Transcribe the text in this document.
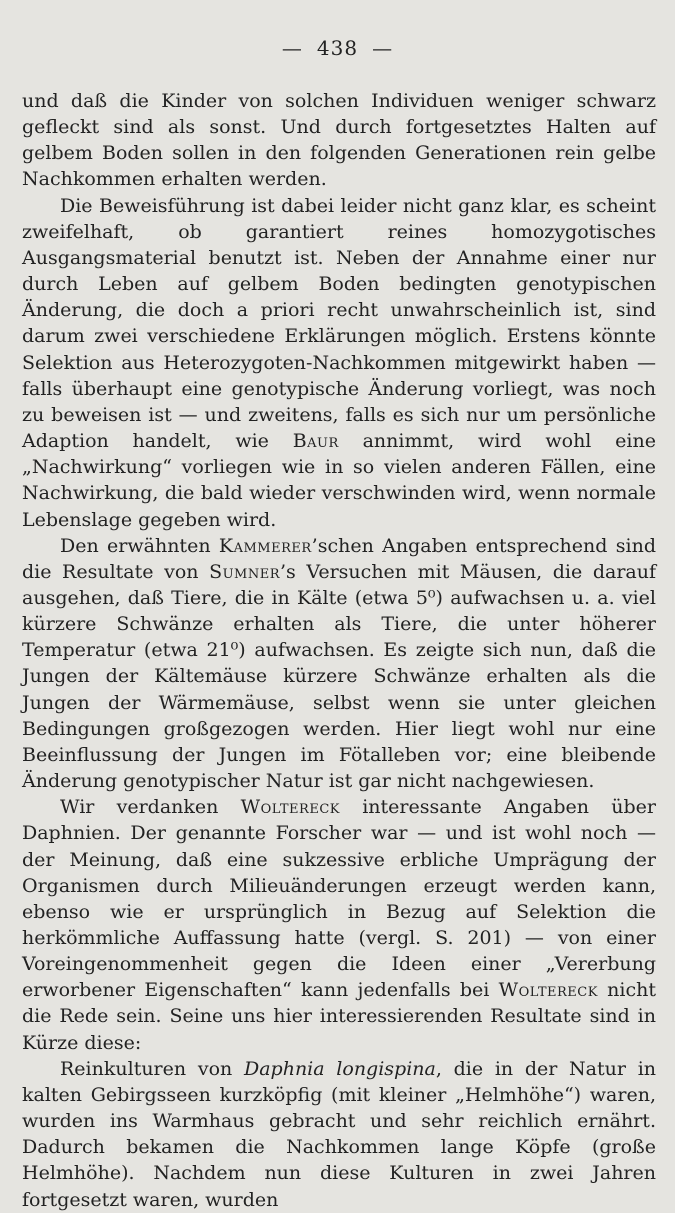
— 438 —

und daß die Kinder von solchen Individuen weniger schwarz gefleckt sind als sonst. Und durch fortgesetztes Halten auf gelbem Boden sollen in den folgenden Generationen rein gelbe Nachkommen erhalten werden.

Die Beweisführung ist dabei leider nicht ganz klar, es scheint zweifelhaft, ob garantiert reines homozygotisches Ausgangsmaterial benutzt ist. Neben der Annahme einer nur durch Leben auf gelbem Boden bedingten genotypischen Änderung, die doch a priori recht unwahrscheinlich ist, sind darum zwei verschiedene Erklärungen möglich. Erstens könnte Selektion aus Heterozygoten-Nachkommen mitgewirkt haben — falls überhaupt eine genotypische Änderung vorliegt, was noch zu beweisen ist — und zweitens, falls es sich nur um persönliche Adaption handelt, wie Baur annimmt, wird wohl eine „Nachwirkung“ vorliegen wie in so vielen anderen Fällen, eine Nachwirkung, die bald wieder verschwinden wird, wenn normale Lebenslage gegeben wird.

Den erwähnten Kammerer’schen Angaben entsprechend sind die Resultate von Sumner’s Versuchen mit Mäusen, die darauf ausgehen, daß Tiere, die in Kälte (etwa 5⁰) aufwachsen u. a. viel kürzere Schwänze erhalten als Tiere, die unter höherer Temperatur (etwa 21⁰) aufwachsen. Es zeigte sich nun, daß die Jungen der Kältemäuse kürzere Schwänze erhalten als die Jungen der Wärmemäuse, selbst wenn sie unter gleichen Bedingungen großgezogen werden. Hier liegt wohl nur eine Beeinflussung der Jungen im Fötalleben vor; eine bleibende Änderung genotypischer Natur ist gar nicht nachgewiesen.

Wir verdanken Woltereck interessante Angaben über Daphnien. Der genannte Forscher war — und ist wohl noch — der Meinung, daß eine sukzessive erbliche Umprägung der Organismen durch Milieuänderungen erzeugt werden kann, ebenso wie er ursprünglich in Bezug auf Selektion die herkömmliche Auffassung hatte (vergl. S. 201) — von einer Voreingenommenheit gegen die Ideen einer „Vererbung erworbener Eigenschaften“ kann jedenfalls bei Woltereck nicht die Rede sein. Seine uns hier interessierenden Resultate sind in Kürze diese:

Reinkulturen von Daphnia longispina, die in der Natur in kalten Gebirgsseen kurzköpfig (mit kleiner „Helmhöhe“) waren, wurden ins Warmhaus gebracht und sehr reichlich ernährt. Dadurch bekamen die Nachkommen lange Köpfe (große Helmhöhe). Nachdem nun diese Kulturen in zwei Jahren fortgesetzt waren, wurden
